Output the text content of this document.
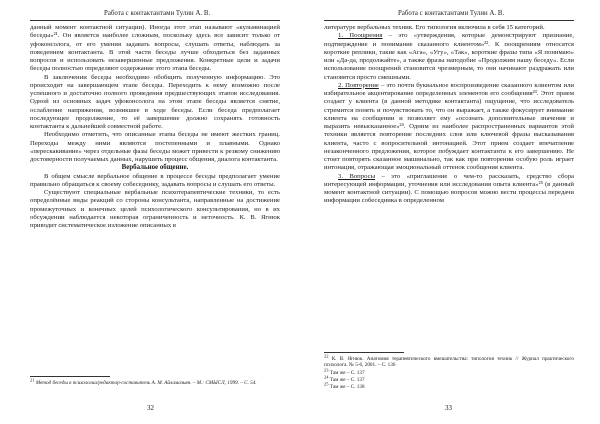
Работа с контактантами Тулин А. В.

данный момент контактной ситуации). Иногда этот этап называют «кульминацией беседы»²¹. Он является наиболее сложным, поскольку здесь все зависит только от уфоконсолога, от его умения задавать вопросы, слушать ответы, наблюдать за поведением контактанта. В этой части беседы лучше обходиться без заданных вопросов и использовать незавершенные предложения. Конкретные цели и задачи беседы полностью определяют содержание этого этапа беседы.

В заключении беседы необходимо обобщить полученную информацию. Это происходит на завершающем этапе беседы. Переходить к нему возможно после успешного и достаточно полного проведения предшествующих этапов исследования. Одной из основных задач уфоконсолога на этом этапе беседы является снятие, ослабление напряжения, возникшее в ходе беседы. Если беседа предполагает последующее продолжение, то её завершение должно сохранять готовность контактанта к дальнейшей совместной работе.

Необходимо отметить, что описанные этапы беседы не имеют жестких границ. Переходы между ними являются постепенными и плавными. Однако «перескакивание» через отдельные фазы беседы может привести к резкому снижению достоверности получаемых данных, нарушить процесс общения, диалога контактанта.

Вербальное общение.

В общем смысле вербальное общение в процессе беседы предполагает умение правильно обращаться к своему собеседнику, задавать вопросы и слушать его ответы.

Существуют специальные вербальные психотерапевтические техники, то есть определённые виды реакций со стороны консультанта, направленные на достижение промежуточных и конечных целей психологического консультирования, но в их обсуждении наблюдается некоторая ограниченность и неточность. К. В. Ягнюк приводит систематическое изложение описанных в

$^{21}$ Метод беседы в психологии/редактор-составитель А. М. Айламазьян. – М.: СМЫСЛ, 1999. – С. 54.

32
Работа с контактантами Тулин А. В.

литературе вербальных техник. Его типология включила в себя 15 категорий.

1. Поощрения – это «утверждения, которые демонстрируют признание, подтверждение и понимание сказанного клиентом»²². К поощрениям относятся короткие реплики, такие как «Ага», «Угу», «Так», короткие фразы типа «Я понимаю» или «Да-да, продолжайте», а также фразы наподобие «Продолжим нашу беседу». Если использование поощрений становится чрезмерным, то они начинают раздражать или становятся просто смешными.

2. Повторение – это почти буквальное воспроизведение сказанного клиентом или избирательное акцентирование определенных элементов его сообщения²³. Этот прием создает у клиента (в данной методике контактанта) ощущение, что исследователь стремится понять и почувствовать то, что он выражает, а также фокусирует внимание клиента на сообщении и позволяет ему «осознать дополнительные значения и выразить невысказанное»²⁴. Одним из наиболее распространенных вариантов этой техники является повторение последних слов или ключевой фразы высказывания клиента, часто с вопросительной интонацией. Этот прием создает впечатление незаконченного предложения, которое побуждает контактанта к его завершению. Не стоит повторять сказанное машинально, так как при повторении особую роль играет интонация, отражающая эмоциональный оттенок сообщения клиента.

3. Вопросы – это «приглашение о чем-то рассказать, средство сбора интересующей информации, уточнения или исследования опыта клиента»²⁵ (в данный момент контактной ситуации). С помощью вопросов можно вести процессы передачи информации собеседника в определенном

$^{22}$ К. В. Ягнюк. Анатомия терапевтического вмешательства: типология техник // Журнал практического психолога. № 5-6, 2001. – С. 136

$^{23}$ Там же – С. 137

$^{24}$ Там же – С. 137

$^{25}$ Там же – С. 138

33
